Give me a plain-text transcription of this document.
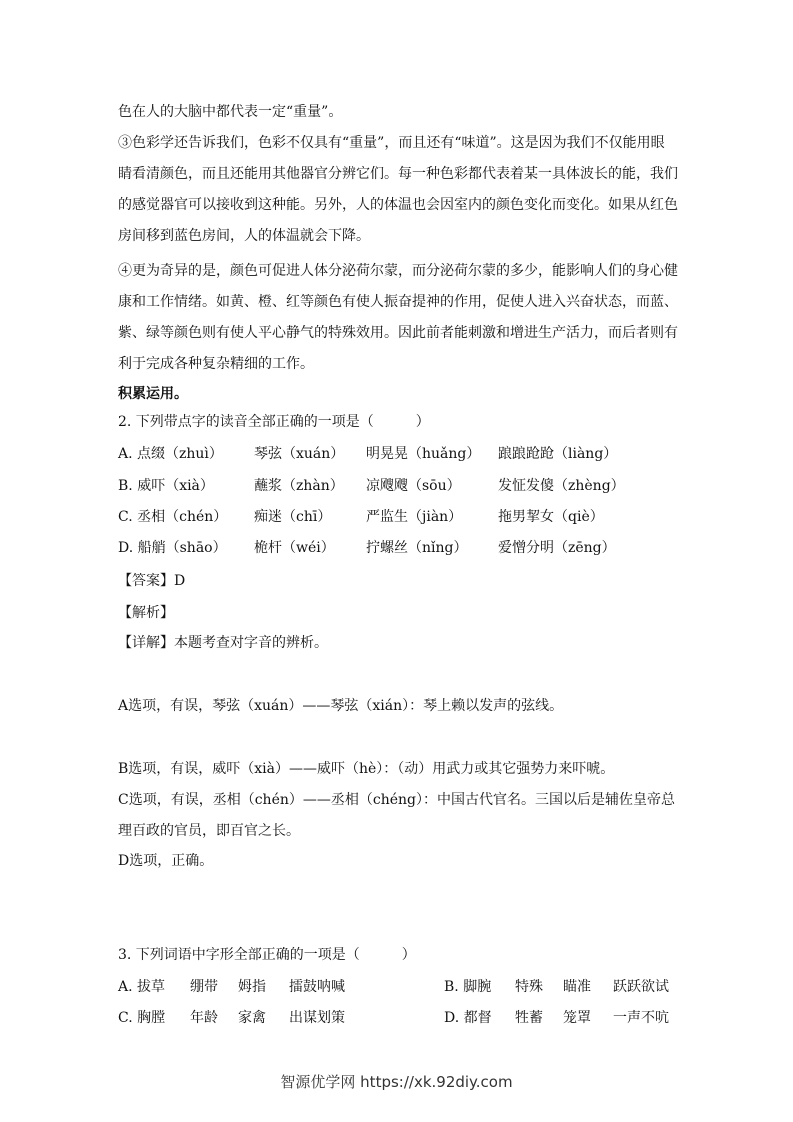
色在人的大脑中都代表一定“重量”。
③色彩学还告诉我们，色彩不仅具有“重量”，而且还有“味道”。这是因为我们不仅能用眼
睛看清颜色，而且还能用其他器官分辨它们。每一种色彩都代表着某一具体波长的能，我们
的感觉器官可以接收到这种能。另外，人的体温也会因室内的颜色变化而变化。如果从红色
房间移到蓝色房间，人的体温就会下降。
④更为奇异的是，颜色可促进人体分泌荷尔蒙，而分泌荷尔蒙的多少，能影响人们的身心健
康和工作情绪。如黄、橙、红等颜色有使人振奋提神的作用，促使人进入兴奋状态，而蓝、
紫、绿等颜色则有使人平心静气的特殊效用。因此前者能刺激和增进生产活力，而后者则有
利于完成各种复杂精细的工作。
积累运用。
2. 下列带点字的读音全部正确的一项是（　　　）
A. 点缀（zhuì） 琴弦（xuán） 明晃晃（huǎng） 踉踉跄跄（liàng）
B. 威吓（xià）	蘸浆（zhàn） 凉飕飕（sōu）	发怔发傻（zhèng）
C. 丞相（chén） 痴迷（chī） 严监生（jiàn）	拖男挈女（qiè）
D. 船艄（shāo） 桅杆（wéi） 拧螺丝（nǐng） 爱憎分明（zēng）
【答案】D
【解析】
【详解】本题考查对字音的辨析。
A选项，有误，琴弦（xuán）——琴弦（xián）：琴上赖以发声的弦线。
B选项，有误，威吓（xià）——威吓（hè）：（动）用武力或其它强势力来吓唬。
C选项，有误，丞相（chén）——丞相（chéng）：中国古代官名。三国以后是辅佐皇帝总
理百政的官员，即百官之长。
D选项，正确。
3. 下列词语中字形全部正确的一项是（　　　）
A. 拔草 绷带 姆指 擂鼓呐喊	B. 脚腕 特殊 瞄准 跃跃欲试
C. 胸膛 年龄 家禽 出谋划策	D. 都督 牲蓄 笼罩 一声不吭
智源优学网 https://xk.92diy.com
